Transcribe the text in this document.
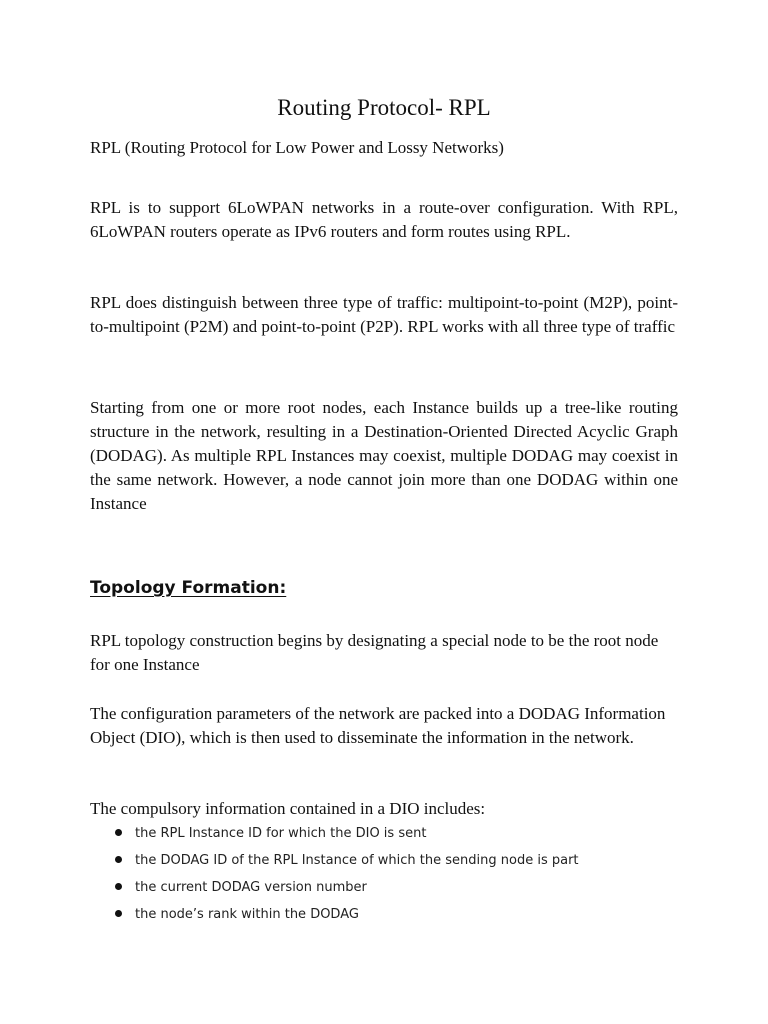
Routing Protocol- RPL

RPL (Routing Protocol for Low Power and Lossy Networks)

RPL is to support 6LoWPAN networks in a route-over configuration. With RPL, 6LoWPAN routers operate as IPv6 routers and form routes using RPL.

RPL does distinguish between three type of traffic: multipoint-to-point (M2P), point-to-multipoint (P2M) and point-to-point (P2P). RPL works with all three type of traffic

Starting from one or more root nodes, each Instance builds up a tree-like routing structure in the network, resulting in a Destination-Oriented Directed Acyclic Graph (DODAG). As multiple RPL Instances may coexist, multiple DODAG may coexist in the same network. However, a node cannot join more than one DODAG within one Instance

Topology Formation:

RPL topology construction begins by designating a special node to be the root node for one Instance

The configuration parameters of the network are packed into a DODAG Information Object (DIO), which is then used to disseminate the information in the network.

The compulsory information contained in a DIO includes:

the RPL Instance ID for which the DIO is sent
the DODAG ID of the RPL Instance of which the sending node is part
the current DODAG version number
the node’s rank within the DODAG
